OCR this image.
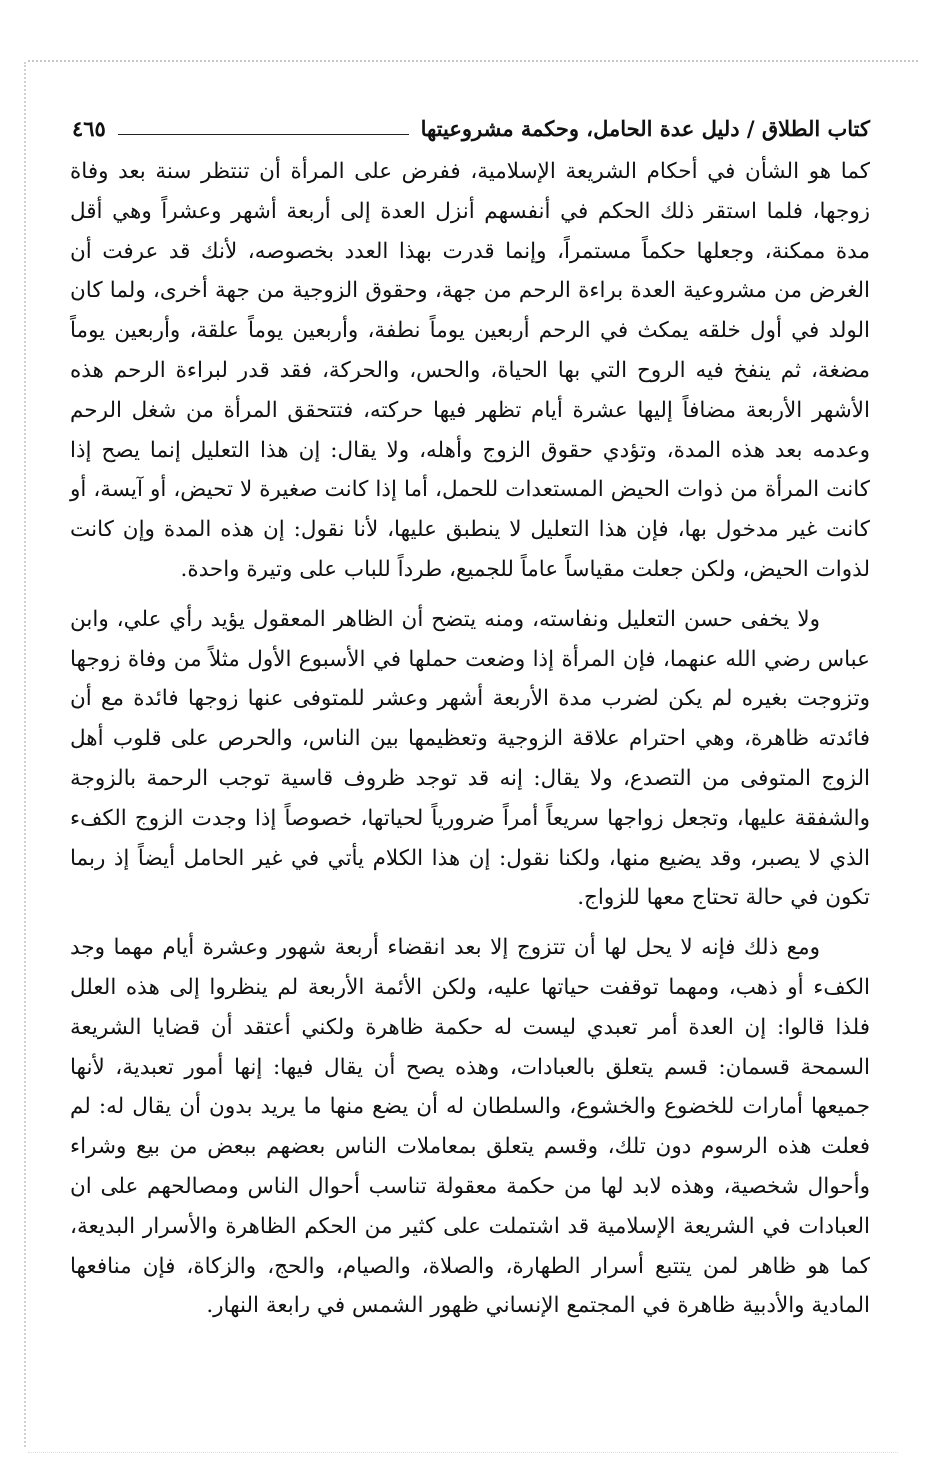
كتاب الطلاق / دليل عدة الحامل، وحكمة مشروعيتها
٤٦٥

كما هو الشأن في أحكام الشريعة الإسلامية، ففرض على المرأة أن تنتظر سنة بعد وفاة زوجها، فلما استقر ذلك الحكم في أنفسهم أنزل العدة إلى أربعة أشهر وعشراً وهي أقل مدة ممكنة، وجعلها حكماً مستمراً، وإنما قدرت بهذا العدد بخصوصه، لأنك قد عرفت أن الغرض من مشروعية العدة براءة الرحم من جهة، وحقوق الزوجية من جهة أخرى، ولما كان الولد في أول خلقه يمكث في الرحم أربعين يوماً نطفة، وأربعين يوماً علقة، وأربعين يوماً مضغة، ثم ينفخ فيه الروح التي بها الحياة، والحس، والحركة، فقد قدر لبراءة الرحم هذه الأشهر الأربعة مضافاً إليها عشرة أيام تظهر فيها حركته، فتتحقق المرأة من شغل الرحم وعدمه بعد هذه المدة، وتؤدي حقوق الزوج وأهله، ولا يقال: إن هذا التعليل إنما يصح إذا كانت المرأة من ذوات الحيض المستعدات للحمل، أما إذا كانت صغيرة لا تحيض، أو آيسة، أو كانت غير مدخول بها، فإن هذا التعليل لا ينطبق عليها، لأنا نقول: إن هذه المدة وإن كانت لذوات الحيض، ولكن جعلت مقياساً عاماً للجميع، طرداً للباب على وتيرة واحدة.

ولا يخفى حسن التعليل ونفاسته، ومنه يتضح أن الظاهر المعقول يؤيد رأي علي، وابن عباس رضي الله عنهما، فإن المرأة إذا وضعت حملها في الأسبوع الأول مثلاً من وفاة زوجها وتزوجت بغيره لم يكن لضرب مدة الأربعة أشهر وعشر للمتوفى عنها زوجها فائدة مع أن فائدته ظاهرة، وهي احترام علاقة الزوجية وتعظيمها بين الناس، والحرص على قلوب أهل الزوج المتوفى من التصدع، ولا يقال: إنه قد توجد ظروف قاسية توجب الرحمة بالزوجة والشفقة عليها، وتجعل زواجها سريعاً أمراً ضرورياً لحياتها، خصوصاً إذا وجدت الزوج الكفء الذي لا يصبر، وقد يضيع منها، ولكنا نقول: إن هذا الكلام يأتي في غير الحامل أيضاً إذ ربما تكون في حالة تحتاج معها للزواج.

ومع ذلك فإنه لا يحل لها أن تتزوج إلا بعد انقضاء أربعة شهور وعشرة أيام مهما وجد الكفء أو ذهب، ومهما توقفت حياتها عليه، ولكن الأئمة الأربعة لم ينظروا إلى هذه العلل فلذا قالوا: إن العدة أمر تعبدي ليست له حكمة ظاهرة ولكني أعتقد أن قضايا الشريعة السمحة قسمان: قسم يتعلق بالعبادات، وهذه يصح أن يقال فيها: إنها أمور تعبدية، لأنها جميعها أمارات للخضوع والخشوع، والسلطان له أن يضع منها ما يريد بدون أن يقال له: لم فعلت هذه الرسوم دون تلك، وقسم يتعلق بمعاملات الناس بعضهم ببعض من بيع وشراء وأحوال شخصية، وهذه لابد لها من حكمة معقولة تناسب أحوال الناس ومصالحهم على ان العبادات في الشريعة الإسلامية قد اشتملت على كثير من الحكم الظاهرة والأسرار البديعة، كما هو ظاهر لمن يتتبع أسرار الطهارة، والصلاة، والصيام، والحج، والزكاة، فإن منافعها المادية والأدبية ظاهرة في المجتمع الإنساني ظهور الشمس في رابعة النهار.
